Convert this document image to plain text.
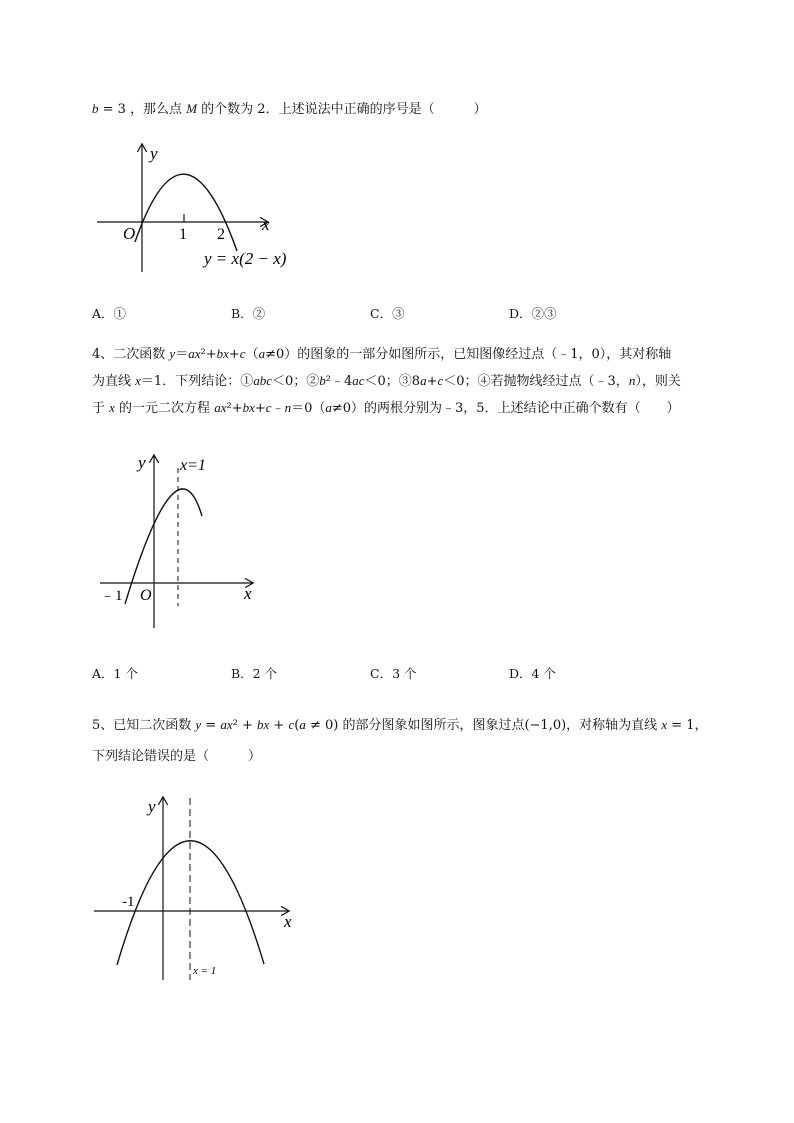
b = 3 ，那么点 M 的个数为 2．上述说法中正确的序号是（　　　）
y
x
O	1 2
y = x(2 − x)
A．①	B．②	C．③	D．②③
4、二次函数 y＝ax²+bx+c（a≠0）的图象的一部分如图所示，已知图像经过点（﹣1，0），其对称轴
为直线 x＝1．下列结论：①abc＜0；②b²﹣4ac＜0；③8a+c＜0；④若抛物线经过点（﹣3，n），则关
于 x 的一元二次方程 ax²+bx+c﹣n＝0（a≠0）的两根分别为﹣3，5．上述结论中正确个数有（　　）
y x=1
x
O
﹣1
A．1 个	B．2 个	C．3 个	D．4 个
5、已知二次函数 y = ax² + bx + c(a ≠ 0) 的部分图象如图所示，图象过点(−1,0)，对称轴为直线 x = 1，
下列结论错误的是（　　　）
y
x
-1
x = 1
